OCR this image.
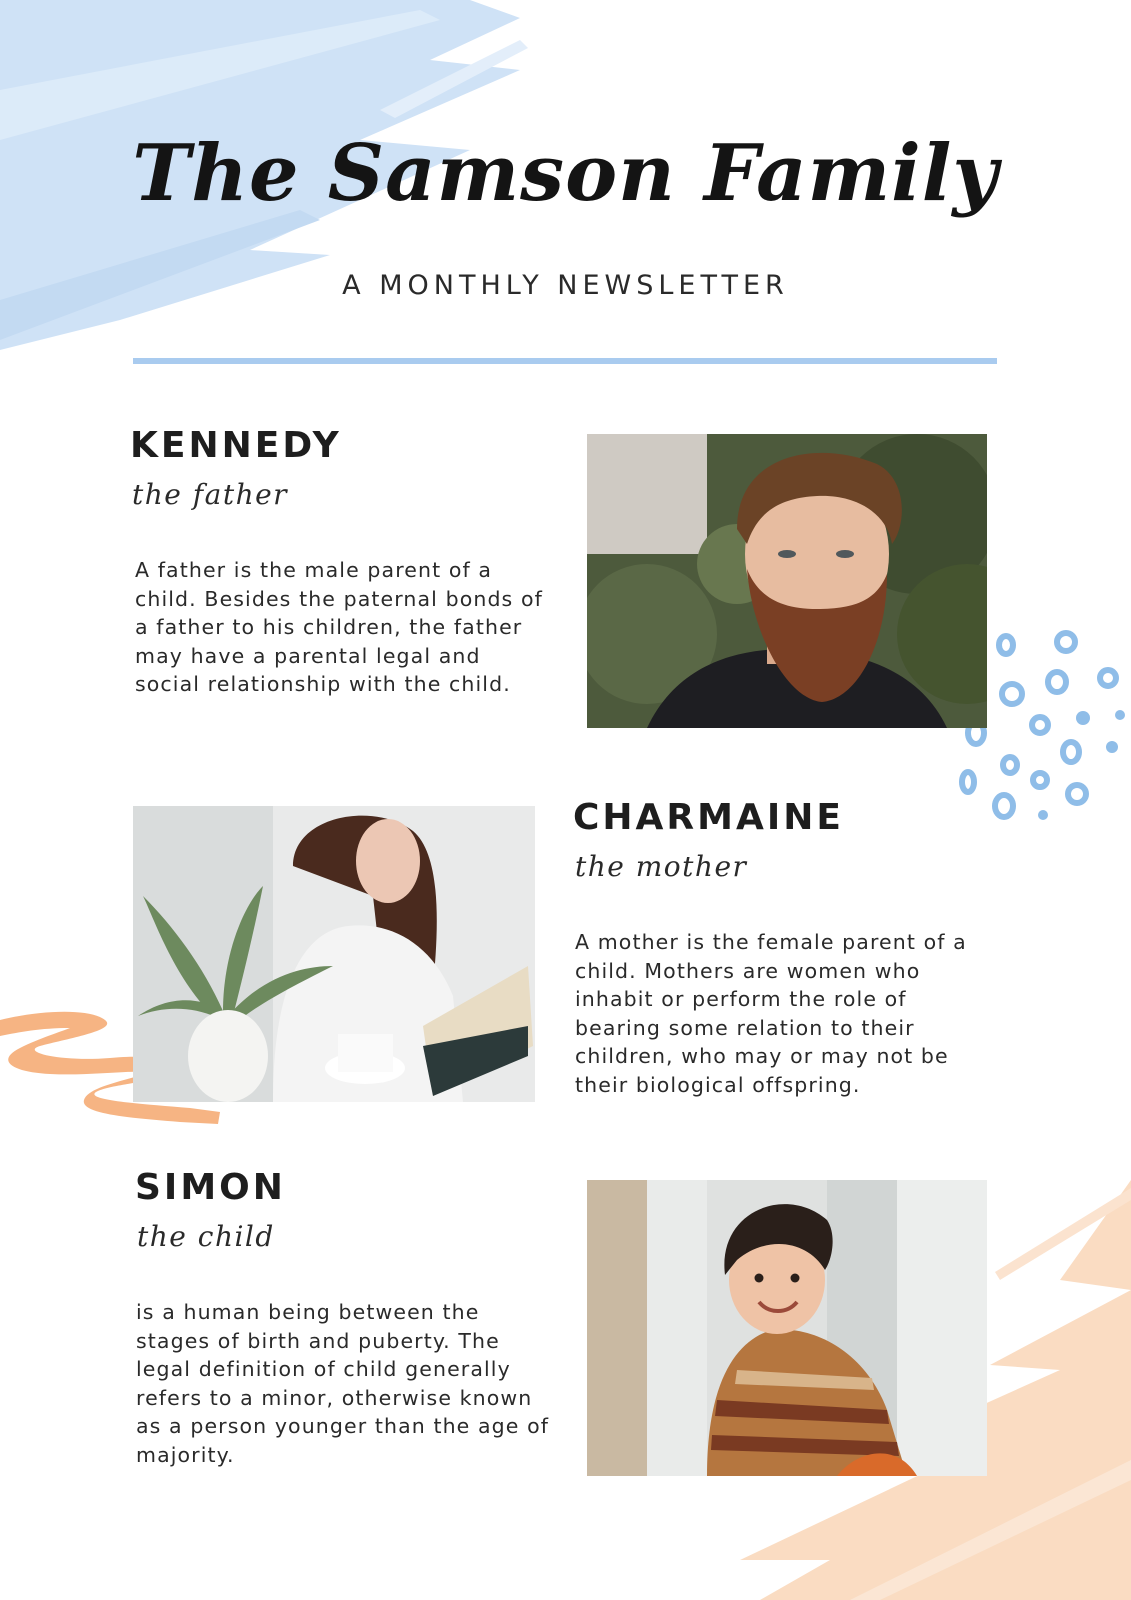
The Samson Family
A MONTHLY NEWSLETTER
KENNEDY
the father
A father is the male parent of a child. Besides the paternal bonds of a father to his children, the father may have a parental legal and social relationship with the child.
CHARMAINE
the mother
A mother is the female parent of a child. Mothers are women who inhabit or perform the role of bearing some relation to their children, who may or may not be their biological offspring.
SIMON
the child
is a human being between the stages of birth and puberty. The legal definition of child generally refers to a minor, otherwise known as a person younger than the age of majority.
